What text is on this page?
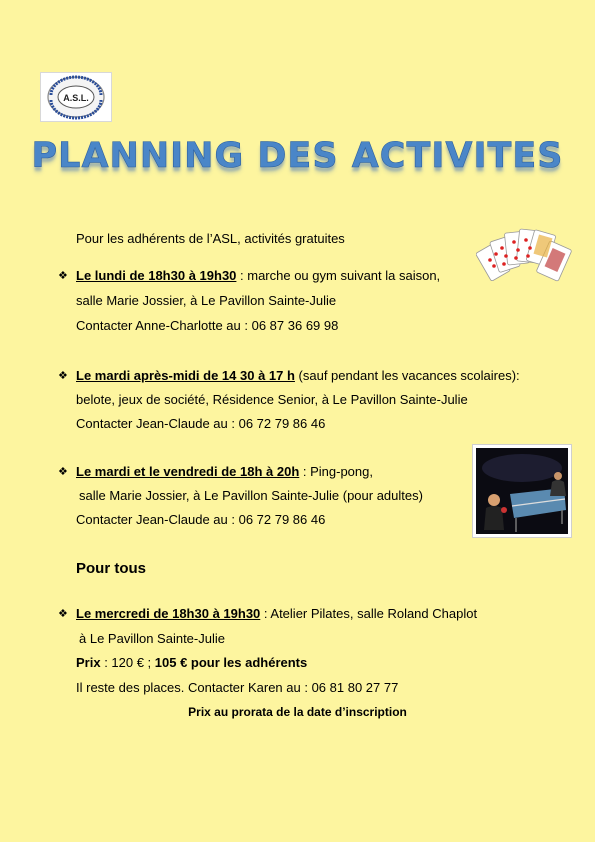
A.S.L.
PLANNING DES ACTIVITES
Pour les adhérents de l’ASL, activités gratuites
❖ Le lundi de 18h30 à 19h30 : marche ou gym suivant la saison,
salle Marie Jossier, à Le Pavillon Sainte-Julie
Contacter Anne-Charlotte au : 06 87 36 69 98
❖ Le mardi après-midi de 14 30 à 17 h (sauf pendant les vacances scolaires):
belote, jeux de société, Résidence Senior, à Le Pavillon Sainte-Julie
Contacter Jean-Claude au : 06 72 79 86 46
❖ Le mardi et le vendredi de 18h à 20h : Ping-pong,
salle Marie Jossier, à Le Pavillon Sainte-Julie (pour adultes)
Contacter Jean-Claude au : 06 72 79 86 46
Pour tous
❖ Le mercredi de 18h30 à 19h30 : Atelier Pilates, salle Roland Chaplot
à Le Pavillon Sainte-Julie
Prix : 120 € ; 105 € pour les adhérents
Il reste des places. Contacter Karen au : 06 81 80 27 77
Prix au prorata de la date d’inscription
